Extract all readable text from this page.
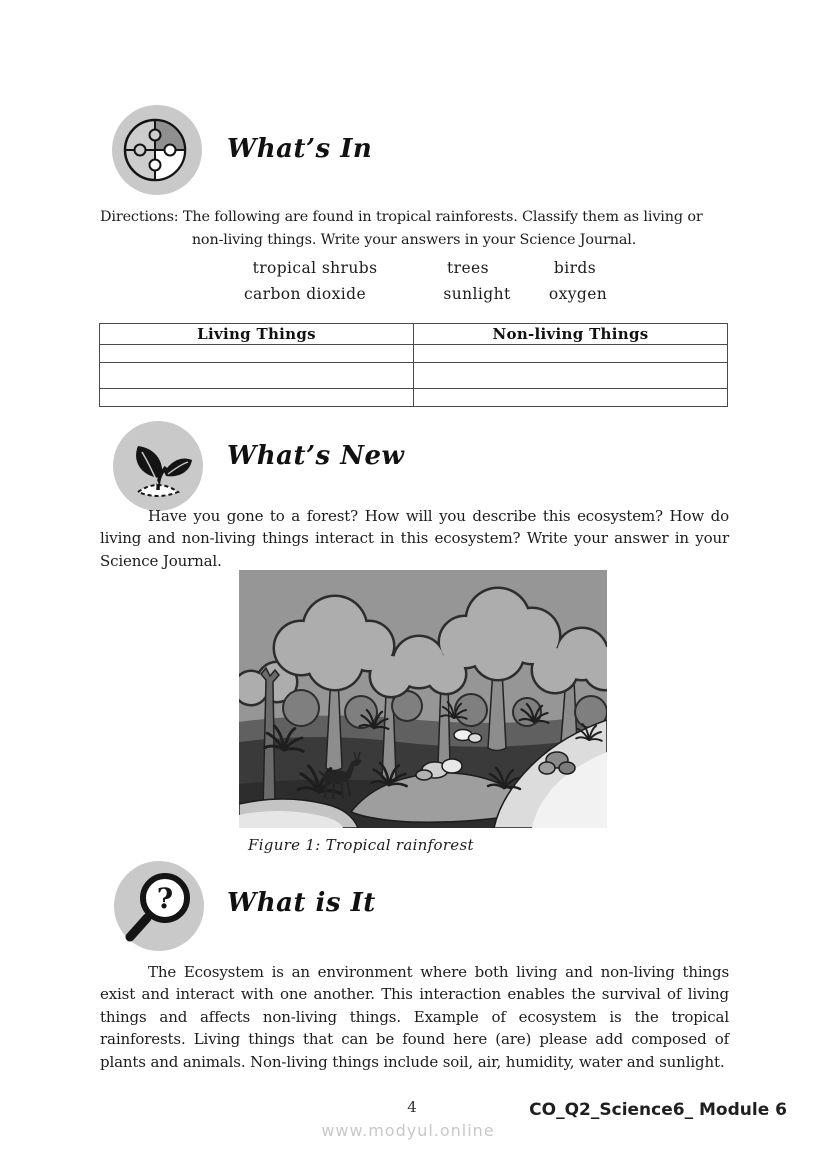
What’s In
Directions: The following are found in tropical rainforests. Classify them as living or
non-living things. Write your answers in your Science Journal.
tropical shrubs	trees	birds
carbon dioxide	sunlight oxygen
Living Things	Non-living Things

What’s New
Have you gone to a forest? How will you describe this ecosystem? How do living and non-living things interact in this ecosystem? Write your answer in your Science Journal.
Figure 1: Tropical rainforest
? What is It
The Ecosystem is an environment where both living and non-living things exist and interact with one another. This interaction enables the survival of living things and affects non-living things. Example of ecosystem is the tropical rainforests. Living things that can be found here (are) please add composed of plants and animals. Non-living things include soil, air, humidity, water and sunlight.
4	CO_Q2_Science6_ Module 6
www.modyul.online
